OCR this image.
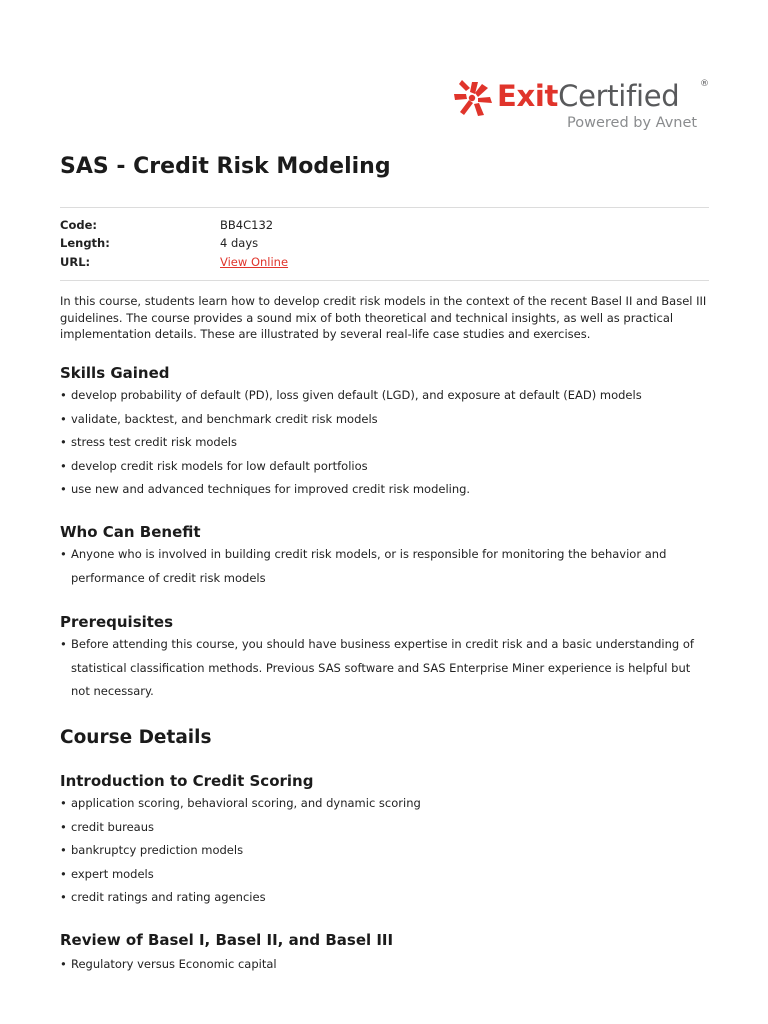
ExitCertified ®
Powered by Avnet
SAS - Credit Risk Modeling
Code:	BB4C132
Length:	4 days
URL:	View Online

In this course, students learn how to develop credit risk models in the context of the recent Basel II and Basel III guidelines. The course provides a sound mix of both theoretical and technical insights, as well as practical implementation details. These are illustrated by several real-life case studies and exercises.

Skills Gained
• develop probability of default (PD), loss given default (LGD), and exposure at default (EAD) models
• validate, backtest, and benchmark credit risk models
• stress test credit risk models
• develop credit risk models for low default portfolios
• use new and advanced techniques for improved credit risk modeling.
Who Can Benefit
• Anyone who is involved in building credit risk models, or is responsible for monitoring the behavior and performance of credit risk models
Prerequisites
• Before attending this course, you should have business expertise in credit risk and a basic understanding of statistical classification methods. Previous SAS software and SAS Enterprise Miner experience is helpful but not necessary.
Course Details
Introduction to Credit Scoring
• application scoring, behavioral scoring, and dynamic scoring
• credit bureaus
• bankruptcy prediction models
• expert models
• credit ratings and rating agencies
Review of Basel I, Basel II, and Basel III
• Regulatory versus Economic capital
